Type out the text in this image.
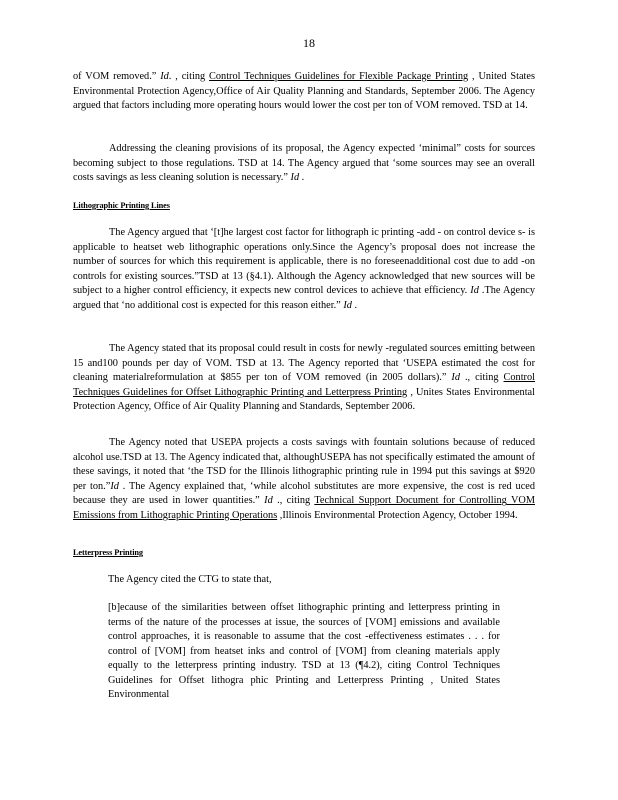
18

of VOM removed.” Id. , citing Control Techniques Guidelines for Flexible Package Printing , United States Environmental Protection Agency,Office of Air Quality Planning and Standards, September 2006. The Agency argued that factors including more operating hours would lower the cost per ton of VOM removed. TSD at 14.

Addressing the cleaning provisions of its proposal, the Agency expected ‘minimal” costs for sources becoming subject to those regulations. TSD at 14. The Agency argued that ‘some sources may see an overall costs savings as less cleaning solution is necessary.” Id .

Lithographic Printing Lines

The Agency argued that ‘[t]he largest cost factor for lithograph ic printing -add - on control device s- is applicable to heatset web lithographic operations only.Since the Agency’s proposal does not increase the number of sources for which this requirement is applicable, there is no foreseenadditional cost due to add -on controls for existing sources.”TSD at 13 (§4.1). Although the Agency acknowledged that new sources will be subject to a higher control efficiency, it expects new control devices to achieve that efficiency. Id .The Agency argued that ‘no additional cost is expected for this reason either.” Id .

The Agency stated that its proposal could result in costs for newly -regulated sources emitting between 15 and100 pounds per day of VOM. TSD at 13. The Agency reported that ‘USEPA estimated the cost for cleaning materialreformulation at $855 per ton of VOM removed (in 2005 dollars).” Id ., citing Control Techniques Guidelines for Offset Lithographic Printing and Letterpress Printing , Unites States Environmental Protection Agency, Office of Air Quality Planning and Standards, September 2006.

The Agency noted that USEPA projects a costs savings with fountain solutions because of reduced alcohol use.TSD at 13. The Agency indicated that, althoughUSEPA has not specifically estimated the amount of these savings, it noted that ‘the TSD for the Illinois lithographic printing rule in 1994 put this savings at $920 per ton.”Id . The Agency explained that, ‘while alcohol substitutes are more expensive, the cost is red uced because they are used in lower quantities.” Id ., citing Technical Support Document for Controlling VOM Emissions from Lithographic Printing Operations ,Illinois Environmental Protection Agency, October 1994.

Letterpress Printing

The Agency cited the CTG to state that,

[b]ecause of the similarities between offset lithographic printing and letterpress printing in terms of the nature of the processes at issue, the sources of [VOM] emissions and available control approaches, it is reasonable to assume that the cost -effectiveness estimates . . . for control of [VOM] from heatset inks and control of [VOM] from cleaning materials apply equally to the letterpress printing industry. TSD at 13 (¶4.2), citing Control Techniques Guidelines for Offset lithogra phic Printing and Letterpress Printing , United States Environmental
